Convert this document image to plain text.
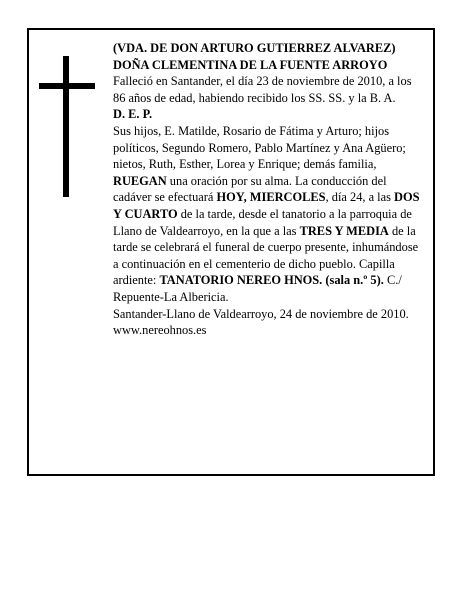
(VDA. DE DON ARTURO GUTIERREZ ALVAREZ)

DOÑA CLEMENTINA DE LA FUENTE ARROYO

Falleció en Santander, el día 23 de noviembre de 2010, a los 86 años de edad, habiendo recibido los SS. SS. y la B. A.

D. E. P.

Sus hijos, E. Matilde, Rosario de Fátima y Arturo; hijos políticos, Segundo Romero, Pablo Martínez y Ana Agüero; nietos, Ruth, Esther, Lorea y Enrique; demás familia,

RUEGAN una oración por su alma. La conducción del cadáver se efectuará HOY, MIERCOLES, día 24, a las DOS Y CUARTO de la tarde, desde el tanatorio a la parroquia de Llano de Valdearroyo, en la que a las TRES Y MEDIA de la tarde se celebrará el funeral de cuerpo presente, inhumándose a continuación en el cementerio de dicho pueblo. Capilla ardiente: TANATORIO NEREO HNOS. (sala n.º 5). C./ Repuente-La Albericia.

Santander-Llano de Valdearroyo, 24 de noviembre de 2010.

www.nereohnos.es
